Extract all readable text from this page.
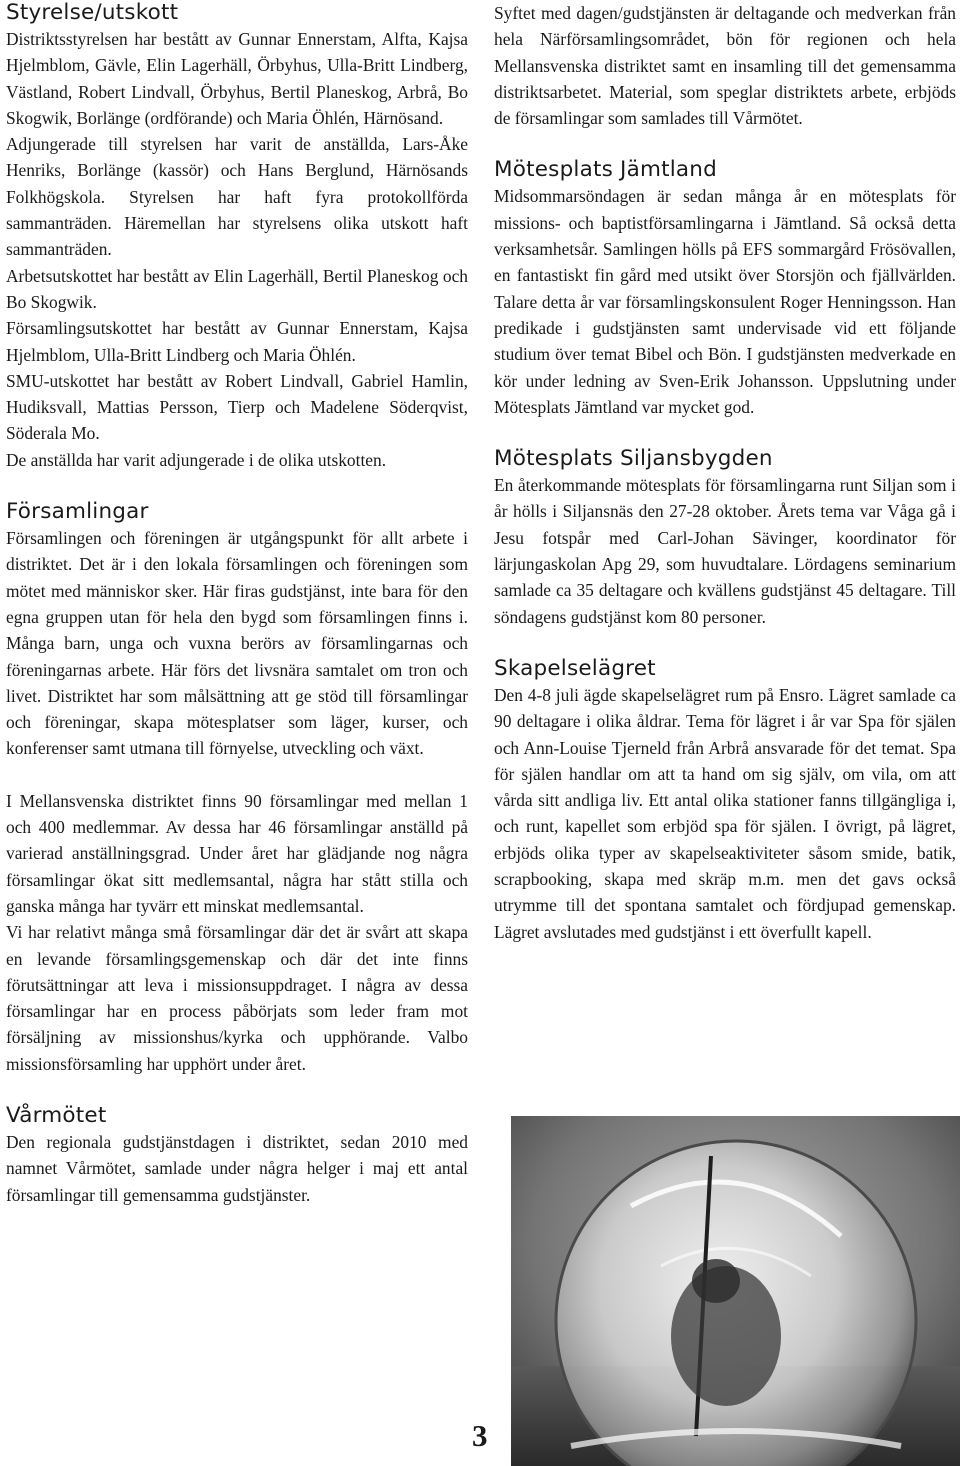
Styrelse/utskott

Distriktsstyrelsen har bestått av Gunnar Ennerstam, Alfta, Kajsa Hjelmblom, Gävle, Elin Lagerhäll, Örbyhus, Ulla-Britt Lindberg, Västland, Robert Lindvall, Örbyhus, Bertil Planeskog, Arbrå, Bo Skogwik, Borlänge (ordförande) och Maria Öhlén, Härnösand.

Adjungerade till styrelsen har varit de anställda, Lars-Åke Henriks, Borlänge (kassör) och Hans Berglund, Härnösands Folkhögskola. Styrelsen har haft fyra protokollförda sammanträden. Häremellan har styrelsens olika utskott haft sammanträden.

Arbetsutskottet har bestått av Elin Lagerhäll, Bertil Planeskog och Bo Skogwik.

Församlingsutskottet har bestått av Gunnar Ennerstam, Kajsa Hjelmblom, Ulla-Britt Lindberg och Maria Öhlén.

SMU-utskottet har bestått av Robert Lindvall, Gabriel Hamlin, Hudiksvall, Mattias Persson, Tierp och Madelene Söderqvist, Söderala Mo.

De anställda har varit adjungerade i de olika utskotten.

Församlingar

Församlingen och föreningen är utgångspunkt för allt arbete i distriktet. Det är i den lokala församlingen och föreningen som mötet med människor sker. Här firas gudstjänst, inte bara för den egna gruppen utan för hela den bygd som församlingen finns i. Många barn, unga och vuxna berörs av församlingarnas och föreningarnas arbete. Här förs det livsnära samtalet om tron och livet. Distriktet har som målsättning att ge stöd till församlingar och föreningar, skapa mötesplatser som läger, kurser, och konferenser samt utmana till förnyelse, utveckling och växt.

I Mellansvenska distriktet finns 90 församlingar med mellan 1 och 400 medlemmar. Av dessa har 46 församlingar anställd på varierad anställningsgrad. Under året har glädjande nog några församlingar ökat sitt medlemsantal, några har stått stilla och ganska många har tyvärr ett minskat medlemsantal.

Vi har relativt många små församlingar där det är svårt att skapa en levande församlingsgemenskap och där det inte finns förutsättningar att leva i missionsuppdraget. I några av dessa församlingar har en process påbörjats som leder fram mot försäljning av missionshus/kyrka och upphörande. Valbo missionsförsamling har upphört under året.

Vårmötet

Den regionala gudstjänstdagen i distriktet, sedan 2010 med namnet Vårmötet, samlade under några helger i maj ett antal församlingar till gemensamma gudstjänster.

Syftet med dagen/gudstjänsten är deltagande och medverkan från hela Närförsamlingsområdet, bön för regionen och hela Mellansvenska distriktet samt en insamling till det gemensamma distriktsarbetet. Material, som speglar distriktets arbete, erbjöds de församlingar som samlades till Vårmötet.

Mötesplats Jämtland

Midsommarsöndagen är sedan många år en mötesplats för missions- och baptistförsamlingarna i Jämtland. Så också detta verksamhetsår. Samlingen hölls på EFS sommargård Frösövallen, en fantastiskt fin gård med utsikt över Storsjön och fjällvärlden. Talare detta år var församlingskonsulent Roger Henningsson. Han predikade i gudstjänsten samt undervisade vid ett följande studium över temat Bibel och Bön. I gudstjänsten medverkade en kör under ledning av Sven-Erik Johansson. Uppslutning under Mötesplats Jämtland var mycket god.

Mötesplats Siljansbygden

En återkommande mötesplats för församlingarna runt Siljan som i år hölls i Siljansnäs den 27-28 oktober. Årets tema var Våga gå i Jesu fotspår med Carl-Johan Sävinger, koordinator för lärjungaskolan Apg 29, som huvudtalare. Lördagens seminarium samlade ca 35 deltagare och kvällens gudstjänst 45 deltagare. Till söndagens gudstjänst kom 80 personer.

Skapelselägret

Den 4-8 juli ägde skapelselägret rum på Ensro. Lägret samlade ca 90 deltagare i olika åldrar. Tema för lägret i år var Spa för själen och Ann-Louise Tjerneld från Arbrå ansvarade för det temat. Spa för själen handlar om att ta hand om sig själv, om vila, om att vårda sitt andliga liv. Ett antal olika stationer fanns tillgängliga i, och runt, kapellet som erbjöd spa för själen. I övrigt, på lägret, erbjöds olika typer av skapelseaktiviteter såsom smide, batik, scrapbooking, skapa med skräp m.m. men det gavs också utrymme till det spontana samtalet och fördjupad gemenskap. Lägret avslutades med gudstjänst i ett överfullt kapell.

3
